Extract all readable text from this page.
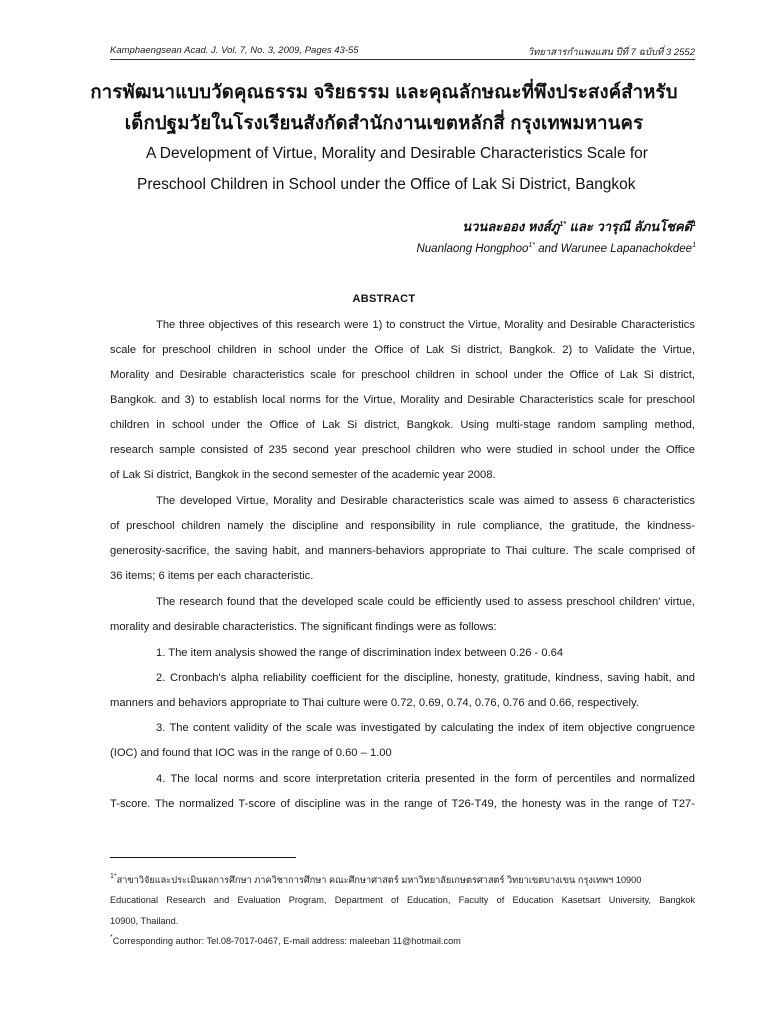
Kamphaengsean Acad. J. Vol. 7, No. 3, 2009, Pages 43-55	วิทยาสารกำแพงแสน ปีที่ 7 ฉบับที่ 3 2552
การพัฒนาแบบวัดคุณธรรม จริยธรรม และคุณลักษณะที่พึงประสงค์สำหรับ
เด็กปฐมวัยในโรงเรียนสังกัดสำนักงานเขตหลักสี่ กรุงเทพมหานคร
A Development of Virtue, Morality and Desirable Characteristics Scale for
Preschool Children in School under the Office of Lak Si District, Bangkok
นวนละออง หงส์ภู$^{1*}$ และ วารุณี ลัภนโชคดี$^1$
Nuanlaong Hongphoo$^{1*}$ and Warunee Lapanachokdee$^1$
ABSTRACT
The three objectives of this research were 1) to construct the Virtue, Morality and Desirable Characteristics
scale for preschool children in school under the Office of Lak Si district, Bangkok. 2) to Validate the Virtue,
Morality and Desirable characteristics scale for preschool children in school under the Office of Lak Si district,
Bangkok. and 3) to establish local norms for the Virtue, Morality and Desirable Characteristics scale for preschool
children in school under the Office of Lak Si district, Bangkok. Using multi-stage random sampling method,
research sample consisted of 235 second year preschool children who were studied in school under the Office
of Lak Si district, Bangkok in the second semester of the academic year 2008.
The developed Virtue, Morality and Desirable characteristics scale was aimed to assess 6 characteristics
of preschool children namely the discipline and responsibility in rule compliance, the gratitude, the kindness-
generosity-sacrifice, the saving habit, and manners-behaviors appropriate to Thai culture. The scale comprised of
36 items; 6 items per each characteristic.
The research found that the developed scale could be efficiently used to assess preschool children' virtue,
morality and desirable characteristics. The significant findings were as follows:
1. The item analysis showed the range of discrimination index between 0.26 - 0.64
2. Cronbach's alpha reliability coefficient for the discipline, honesty, gratitude, kindness, saving habit, and
manners and behaviors appropriate to Thai culture were 0.72, 0.69, 0.74, 0.76, 0.76 and 0.66, respectively.
3. The content validity of the scale was investigated by calculating the index of item objective congruence
(IOC) and found that IOC was in the range of 0.60 – 1.00
4. The local norms and score interpretation criteria presented in the form of percentiles and normalized
T-score. The normalized T-score of discipline was in the range of T26-T49, the honesty was in the range of T27-
$^{1*}$สาขาวิจัยและประเมินผลการศึกษา ภาควิชาการศึกษา คณะศึกษาศาสตร์ มหาวิทยาลัยเกษตรศาสตร์ วิทยาเขตบางเขน กรุงเทพฯ 10900
Educational Research and Evaluation Program, Department of Education, Faculty of Education Kasetsart University, Bangkok
10900, Thailand.
*Corresponding author: Tel.08-7017-0467, E-mail address: maleeban 11@hotmail.com
